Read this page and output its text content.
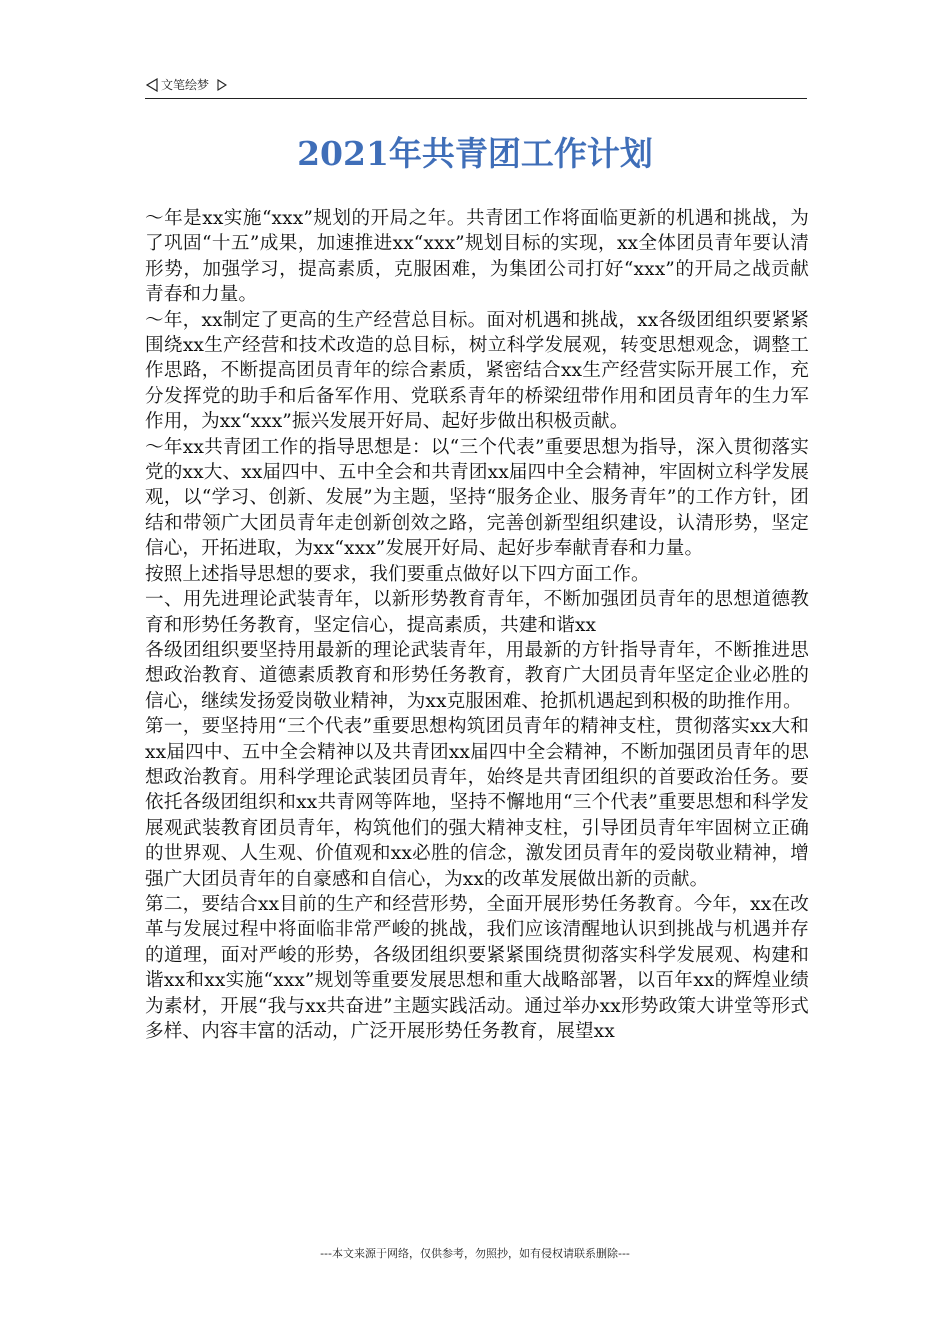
文笔绘梦
2021年共青团工作计划

～年是xx实施“xxx”规划的开局之年。共青团工作将面临更新的机遇和挑战，为了巩固“十五”成果，加速推进xx“xxx”规划目标的实现，xx全体团员青年要认清形势，加强学习，提高素质，克服困难，为集团公司打好“xxx”的开局之战贡献青春和力量。

～年，xx制定了更高的生产经营总目标。面对机遇和挑战，xx各级团组织要紧紧围绕xx生产经营和技术改造的总目标，树立科学发展观，转变思想观念，调整工作思路，不断提高团员青年的综合素质，紧密结合xx生产经营实际开展工作，充分发挥党的助手和后备军作用、党联系青年的桥梁纽带作用和团员青年的生力军作用，为xx“xxx”振兴发展开好局、起好步做出积极贡献。

～年xx共青团工作的指导思想是：以“三个代表”重要思想为指导，深入贯彻落实党的xx大、xx届四中、五中全会和共青团xx届四中全会精神，牢固树立科学发展观，以“学习、创新、发展”为主题，坚持“服务企业、服务青年”的工作方针，团结和带领广大团员青年走创新创效之路，完善创新型组织建设，认清形势，坚定信心，开拓进取，为xx“xxx”发展开好局、起好步奉献青春和力量。

按照上述指导思想的要求，我们要重点做好以下四方面工作。

一、用先进理论武装青年，以新形势教育青年，不断加强团员青年的思想道德教育和形势任务教育，坚定信心，提高素质，共建和谐xx

各级团组织要坚持用最新的理论武装青年，用最新的方针指导青年，不断推进思想政治教育、道德素质教育和形势任务教育，教育广大团员青年坚定企业必胜的信心，继续发扬爱岗敬业精神，为xx克服困难、抢抓机遇起到积极的助推作用。

第一，要坚持用“三个代表”重要思想构筑团员青年的精神支柱，贯彻落实xx大和xx届四中、五中全会精神以及共青团xx届四中全会精神，不断加强团员青年的思想政治教育。用科学理论武装团员青年，始终是共青团组织的首要政治任务。要依托各级团组织和xx共青网等阵地，坚持不懈地用“三个代表”重要思想和科学发展观武装教育团员青年，构筑他们的强大精神支柱，引导团员青年牢固树立正确的世界观、人生观、价值观和xx必胜的信念，激发团员青年的爱岗敬业精神，增强广大团员青年的自豪感和自信心，为xx的改革发展做出新的贡献。

第二，要结合xx目前的生产和经营形势，全面开展形势任务教育。今年，xx在改革与发展过程中将面临非常严峻的挑战，我们应该清醒地认识到挑战与机遇并存的道理，面对严峻的形势，各级团组织要紧紧围绕贯彻落实科学发展观、构建和谐xx和xx实施“xxx”规划等重要发展思想和重大战略部署，以百年xx的辉煌业绩为素材，开展“我与xx共奋进”主题实践活动。通过举办xx形势政策大讲堂等形式多样、内容丰富的活动，广泛开展形势任务教育，展望xx

---本文来源于网络，仅供参考，勿照抄，如有侵权请联系删除---
